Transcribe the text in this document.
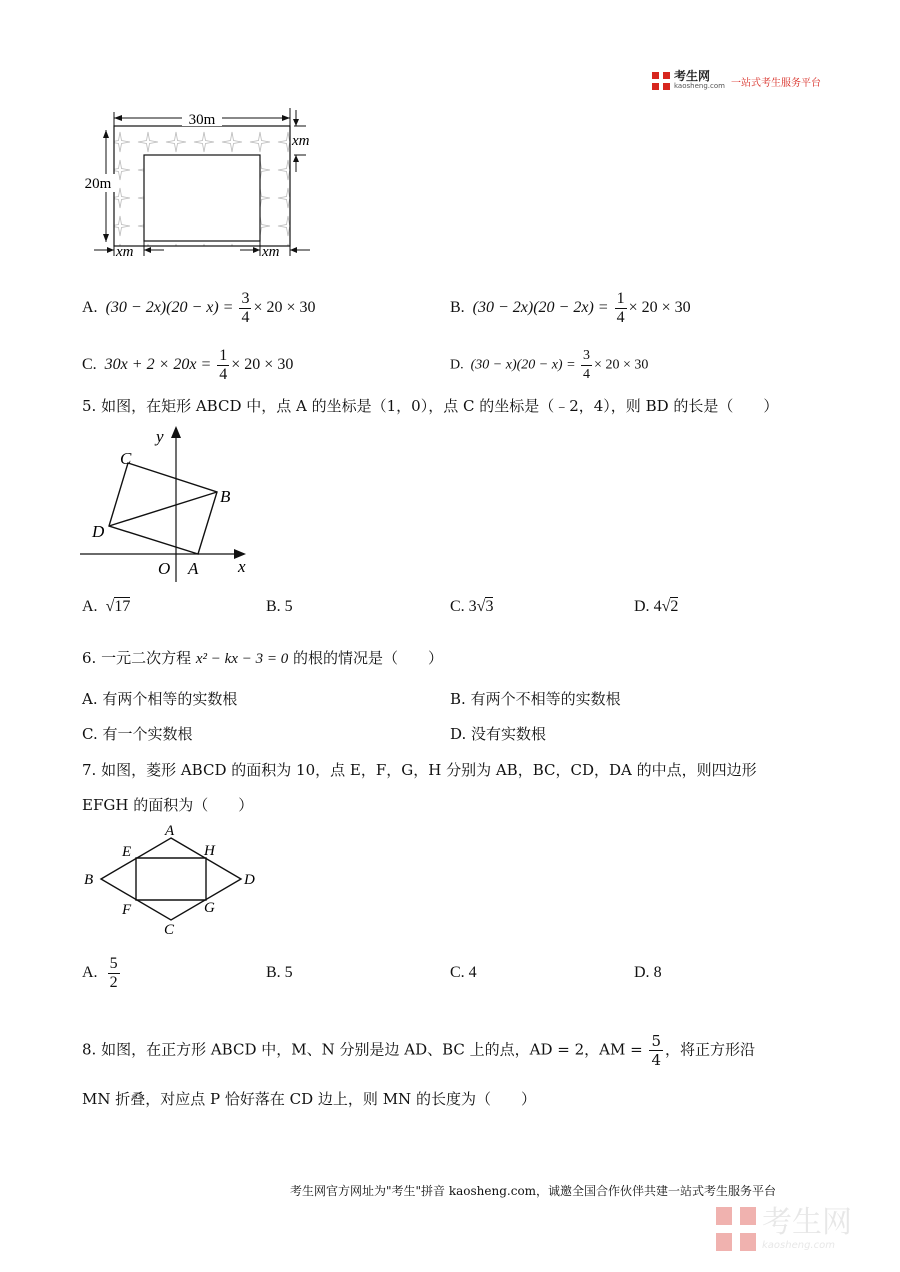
考生网
kaosheng.com 一站式考生服务平台
30m
20m
xm
xm	xm
A. $(30 - 2x)(20 - x) = \frac{3}{4} \times 20 \times 30$	B. $(30 - 2x)(20 - 2x) = \frac{1}{4} \times 20 \times 30$
C. $30x + 2 \times 20x = \frac{1}{4} \times 20 \times 30$	D. $(30 - x)(20 - x) = \frac{3}{4} \times 20 \times 30$
5. 如图，在矩形 ABCD 中，点 A 的坐标是（1，0），点 C 的坐标是（﹣2，4），则 BD 的长是（　　）
y
x
O A
B
C
D
A. √17	B. 5	C. 3√3	D. 4√2
6. 一元二次方程 x² − kx − 3 = 0 的根的情况是（　　）
A. 有两个相等的实数根	B. 有两个不相等的实数根
C. 有一个实数根	D. 没有实数根
7. 如图，菱形 ABCD 的面积为 10，点 E，F，G，H 分别为 AB，BC，CD，DA 的中点，则四边形
EFGH 的面积为（　　）
A
B
C
D
E
F	G
H
A. $\frac{5}{2}$	B. 5	C. 4	D. 8
8. 如图，在正方形 ABCD 中，M、N 分别是边 AD、BC 上的点，AD = 2，AM = $\frac{5}{4}$ ，将正方形沿
MN 折叠，对应点 P 恰好落在 CD 边上，则 MN 的长度为（　　）
考生网官方网址为"考生"拼音 kaosheng.com，诚邀全国合作伙伴共建一站式考生服务平台
考生网
kaosheng.com
